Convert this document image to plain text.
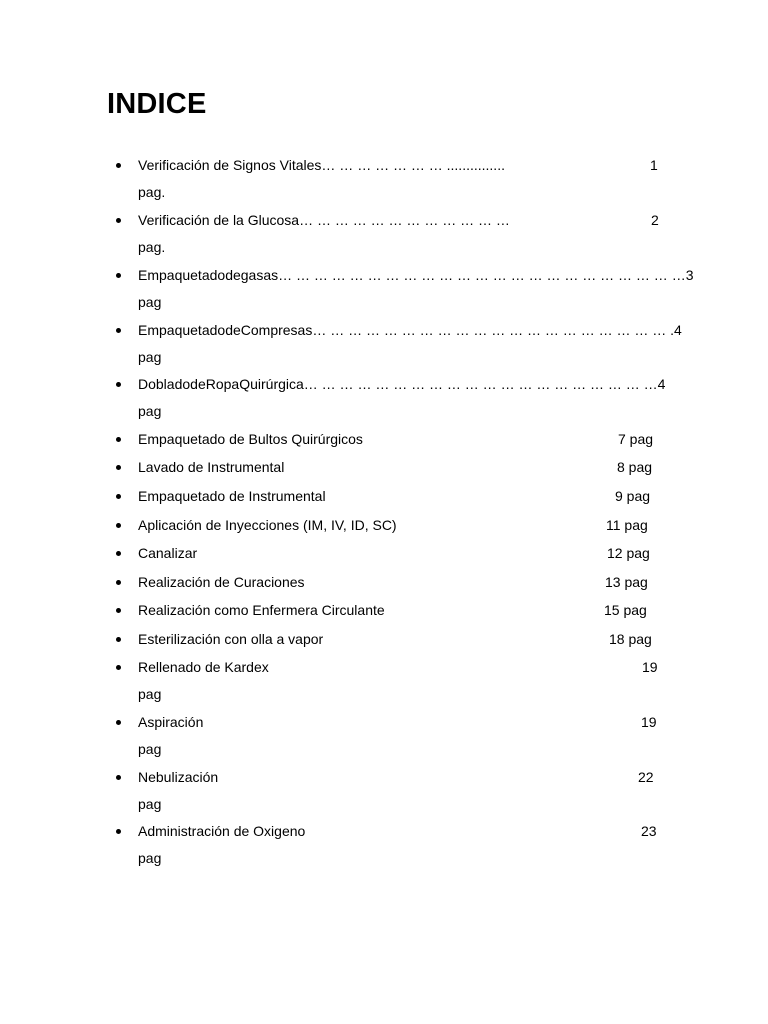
INDICE
Verificación de Signos Vitales… … … … … … … ...............	1
pag.
Verificación de la Glucosa… … … … … … … … … … … …	2
pag.
Empaquetado de gasas… … … … … … … … … … … … … … … … … … … … … … …3
pag
Empaquetado de Compresas… … … … … … … … … … … … … … … … … … … … .4
pag
Doblado de Ropa Quirúrgica… … … … … … … … … … … … … … … … … … … …4
pag
Empaquetado de Bultos Quirúrgicos	7 pag
Lavado de Instrumental	8 pag
Empaquetado de Instrumental	9 pag
Aplicación de Inyecciones (IM, IV, ID, SC)	11 pag
Canalizar	12 pag
Realización de Curaciones	13 pag
Realización como Enfermera Circulante	15 pag
Esterilización con olla a vapor	18 pag
Rellenado de Kardex	19
pag
Aspiración	19
pag
Nebulización	22
pag
Administración de Oxigeno	23
pag
